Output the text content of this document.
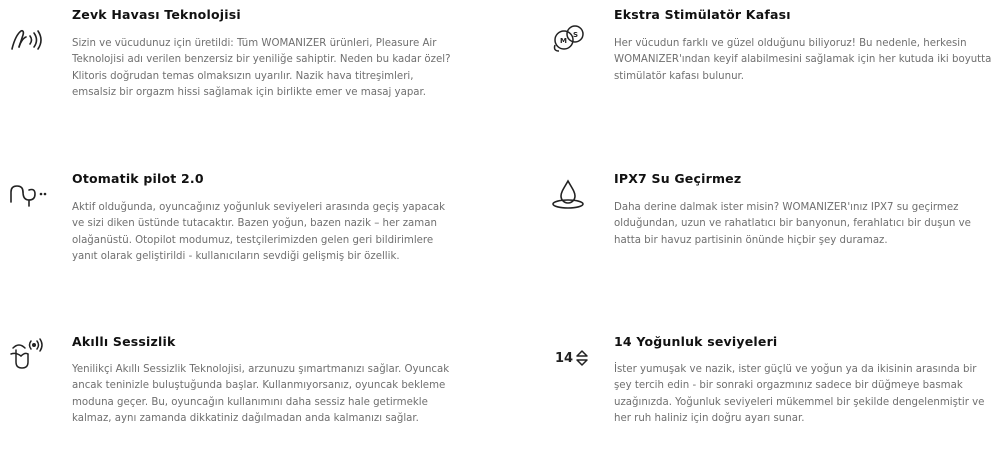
Zevk Havası Teknolojisi

Sizin ve vücudunuz için üretildi: Tüm WOMANIZER ürünleri, Pleasure Air Teknolojisi adı verilen benzersiz bir yeniliğe sahiptir. Neden bu kadar özel? Klitoris doğrudan temas olmaksızın uyarılır. Nazik hava titreşimleri, emsalsiz bir orgazm hissi sağlamak için birlikte emer ve masaj yapar.

M
S
Ekstra Stimülatör Kafası

Her vücudun farklı ve güzel olduğunu biliyoruz! Bu nedenle, herkesin WOMANIZER'ından keyif alabilmesini sağlamak için her kutuda iki boyutta stimülatör kafası bulunur.

Otomatik pilot 2.0

Aktif olduğunda, oyuncağınız yoğunluk seviyeleri arasında geçiş yapacak ve sizi diken üstünde tutacaktır. Bazen yoğun, bazen nazik – her zaman olağanüstü. Otopilot modumuz, testçilerimizden gelen geri bildirimlere yanıt olarak geliştirildi - kullanıcıların sevdiği gelişmiş bir özellik.

IPX7 Su Geçirmez

Daha derine dalmak ister misin? WOMANIZER'ınız IPX7 su geçirmez olduğundan, uzun ve rahatlatıcı bir banyonun, ferahlatıcı bir duşun ve hatta bir havuz partisinin önünde hiçbir şey duramaz.

Akıllı Sessizlik

Yenilikçi Akıllı Sessizlik Teknolojisi, arzunuzu şımartmanızı sağlar. Oyuncak ancak teninizle buluştuğunda başlar. Kullanmıyorsanız, oyuncak bekleme moduna geçer. Bu, oyuncağın kullanımını daha sessiz hale getirmekle kalmaz, aynı zamanda dikkatiniz dağılmadan anda kalmanızı sağlar.

14
14 Yoğunluk seviyeleri

İster yumuşak ve nazik, ister güçlü ve yoğun ya da ikisinin arasında bir şey tercih edin - bir sonraki orgazmınız sadece bir düğmeye basmak uzağınızda. Yoğunluk seviyeleri mükemmel bir şekilde dengelenmiştir ve her ruh haliniz için doğru ayarı sunar.
